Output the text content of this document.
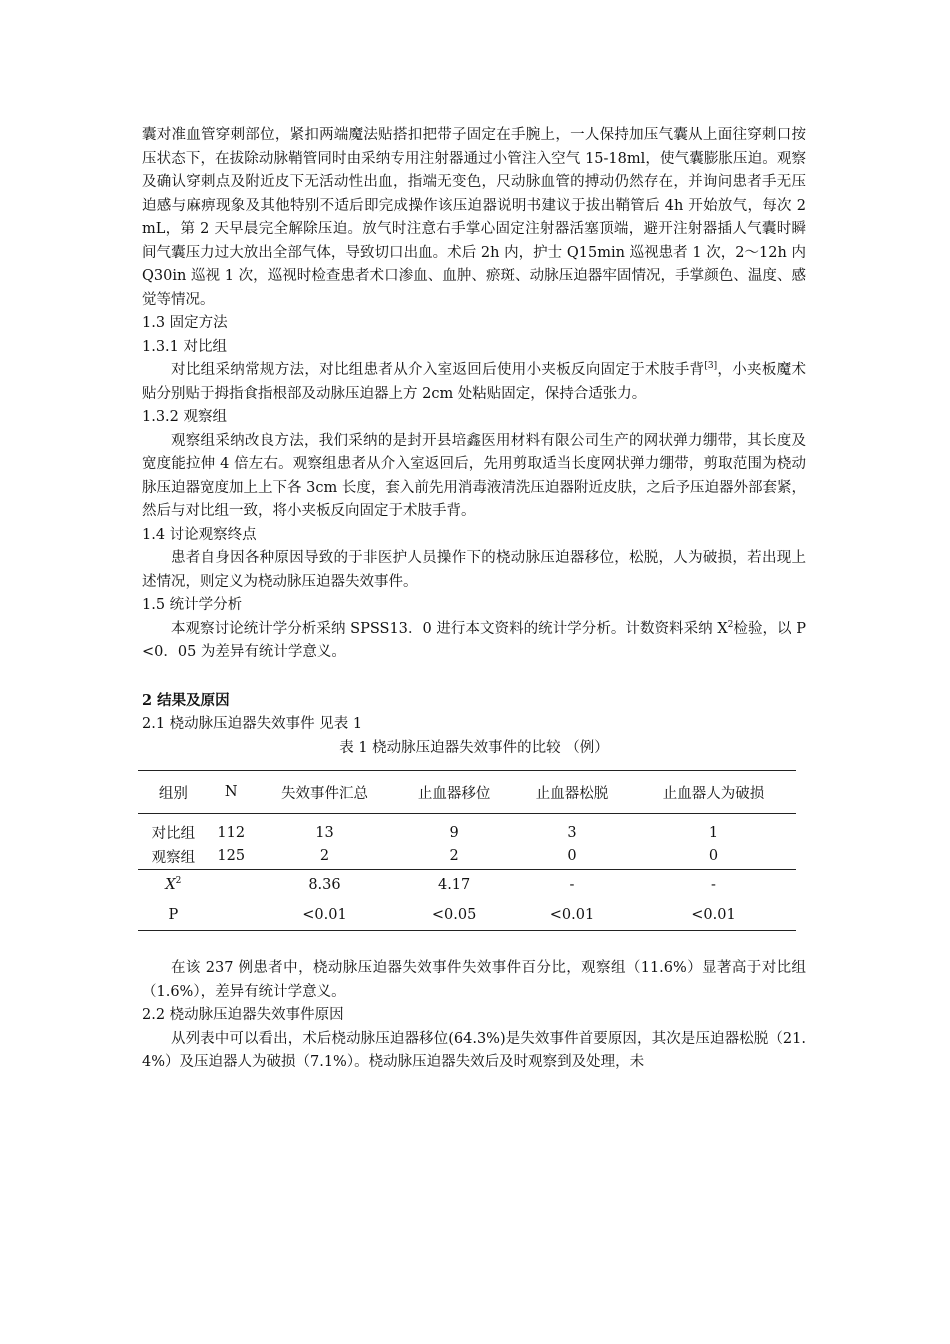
囊对准血管穿刺部位，紧扣两端魔法贴搭扣把带子固定在手腕上，一人保持加压气囊从上面往穿刺口按压状态下，在拔除动脉鞘管同时由采纳专用注射器通过小管注入空气 15-18ml，使气囊膨胀压迫。观察及确认穿刺点及附近皮下无活动性出血，指端无变色，尺动脉血管的搏动仍然存在，并询问患者手无压迫感与麻痹现象及其他特别不适后即完成操作该压迫器说明书建议于拔出鞘管后 4h 开始放气，每次 2mL，第 2 天早晨完全解除压迫。放气时注意右手掌心固定注射器活塞顶端，避开注射器插人气囊时瞬间气囊压力过大放出全部气体，导致切口出血。术后 2h 内，护士 Q15min 巡视患者 1 次，2～12h 内 Q30in 巡视 1 次，巡视时检查患者术口渗血、血肿、瘀斑、动脉压迫器牢固情况，手掌颜色、温度、感觉等情况。

1.3 固定方法

1.3.1 对比组

对比组采纳常规方法，对比组患者从介入室返回后使用小夹板反向固定于术肢手背[3]，小夹板魔术贴分别贴于拇指食指根部及动脉压迫器上方 2cm 处粘贴固定，保持合适张力。

1.3.2 观察组

观察组采纳改良方法，我们采纳的是封开县培鑫医用材料有限公司生产的网状弹力绷带，其长度及宽度能拉伸 4 倍左右。观察组患者从介入室返回后，先用剪取适当长度网状弹力绷带，剪取范围为桡动脉压迫器宽度加上上下各 3cm 长度，套入前先用消毒液清洗压迫器附近皮肤，之后予压迫器外部套紧，然后与对比组一致，将小夹板反向固定于术肢手背。

1.4 讨论观察终点

患者自身因各种原因导致的于非医护人员操作下的桡动脉压迫器移位，松脱，人为破损，若出现上述情况，则定义为桡动脉压迫器失效事件。

1.5 统计学分析

本观察讨论统计学分析采纳 SPSS13．0 进行本文资料的统计学分析。计数资料采纳 $X^2$检验，以 P<0．05 为差异有统计学意义。

2 结果及原因

2.1 桡动脉压迫器失效事件 见表 1

表 1 桡动脉压迫器失效事件的比较 （例）

组别	N	失效事件汇总	止血器移位	止血器松脱	止血器人为破损
对比组	112	13	9	3	1
观察组	125	2	2	0	0
$X^2$		8.36	4.17	-	-
P		<0.01	<0.05	<0.01	<0.01

在该 237 例患者中，桡动脉压迫器失效事件失效事件百分比，观察组（11.6%）显著高于对比组（1.6%），差异有统计学意义。

2.2 桡动脉压迫器失效事件原因

从列表中可以看出，术后桡动脉压迫器移位(64.3%)是失效事件首要原因，其次是压迫器松脱（21.4%）及压迫器人为破损（7.1%）。桡动脉压迫器失效后及时观察到及处理，未
